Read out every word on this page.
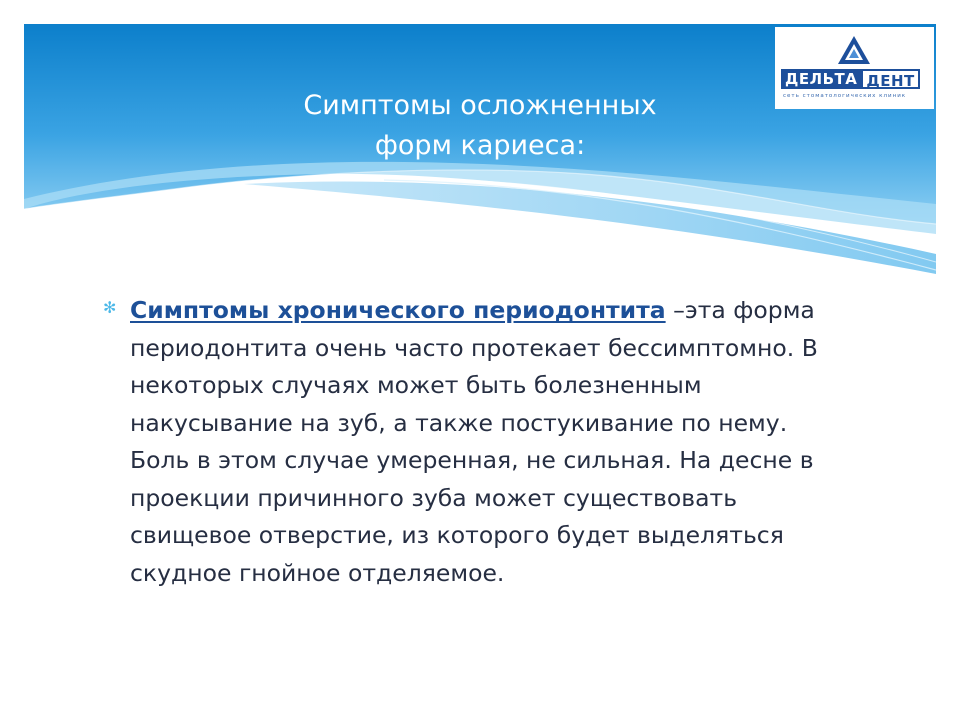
Симптомы осложненных
форм кариеса:
ДЕЛЬТА ДЕНТ
сеть стоматологических клиник
✻ Симптомы хронического периодонтита –эта форма периодонтита очень часто протекает бессимптомно. В некоторых случаях может быть болезненным накусывание на зуб, а также постукивание по нему. Боль в этом случае умеренная, не сильная. На десне в проекции причинного зуба может существовать свищевое отверстие, из которого будет выделяться скудное гнойное отделяемое.
